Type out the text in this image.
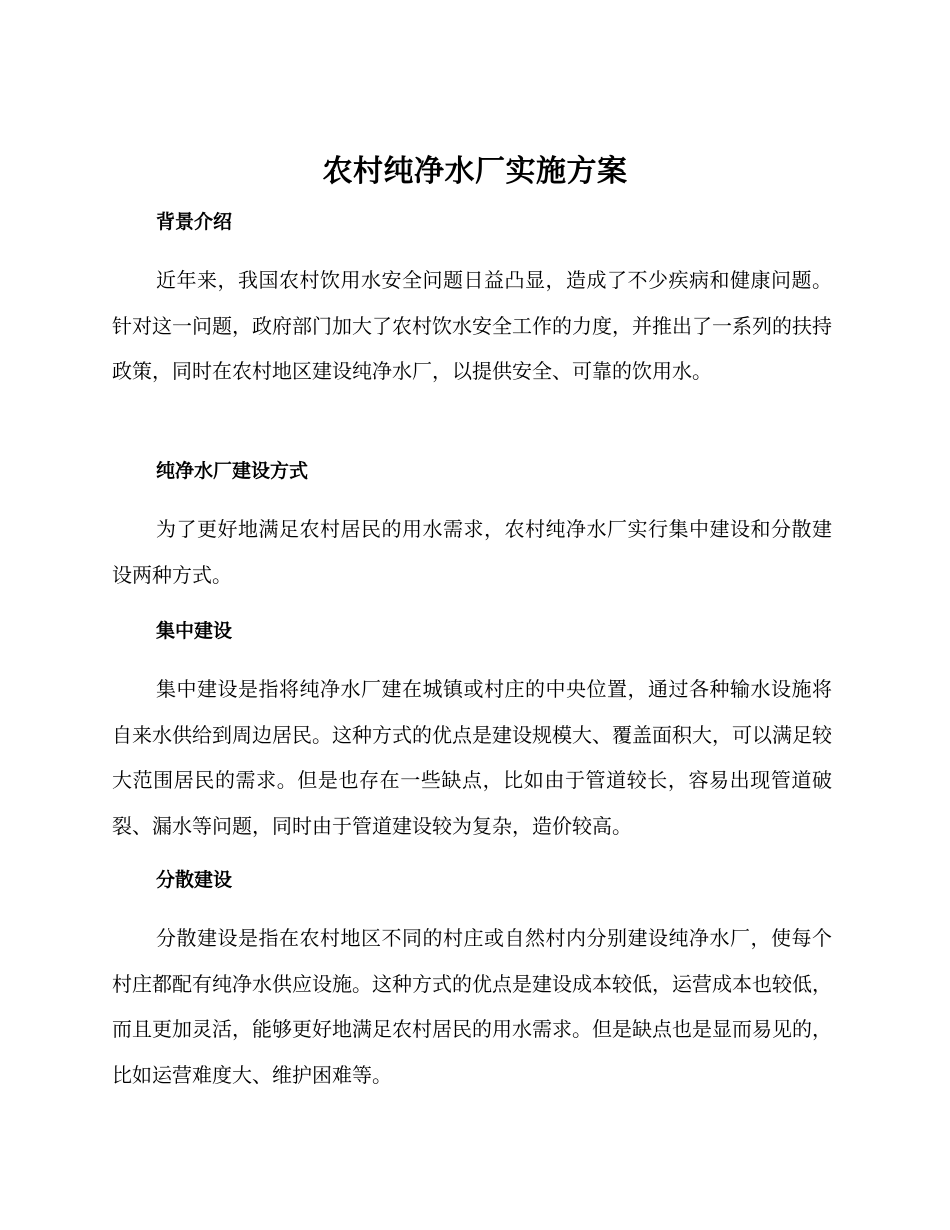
农村纯净水厂实施方案
背景介绍

近年来，我国农村饮用水安全问题日益凸显，造成了不少疾病和健康问题。针对这一问题，政府部门加大了农村饮水安全工作的力度，并推出了一系列的扶持政策，同时在农村地区建设纯净水厂，以提供安全、可靠的饮用水。

纯净水厂建设方式

为了更好地满足农村居民的用水需求，农村纯净水厂实行集中建设和分散建设两种方式。

集中建设

集中建设是指将纯净水厂建在城镇或村庄的中央位置，通过各种输水设施将自来水供给到周边居民。这种方式的优点是建设规模大、覆盖面积大，可以满足较大范围居民的需求。但是也存在一些缺点，比如由于管道较长，容易出现管道破裂、漏水等问题，同时由于管道建设较为复杂，造价较高。

分散建设

分散建设是指在农村地区不同的村庄或自然村内分别建设纯净水厂，使每个村庄都配有纯净水供应设施。这种方式的优点是建设成本较低，运营成本也较低，而且更加灵活，能够更好地满足农村居民的用水需求。但是缺点也是显而易见的，比如运营难度大、维护困难等。
